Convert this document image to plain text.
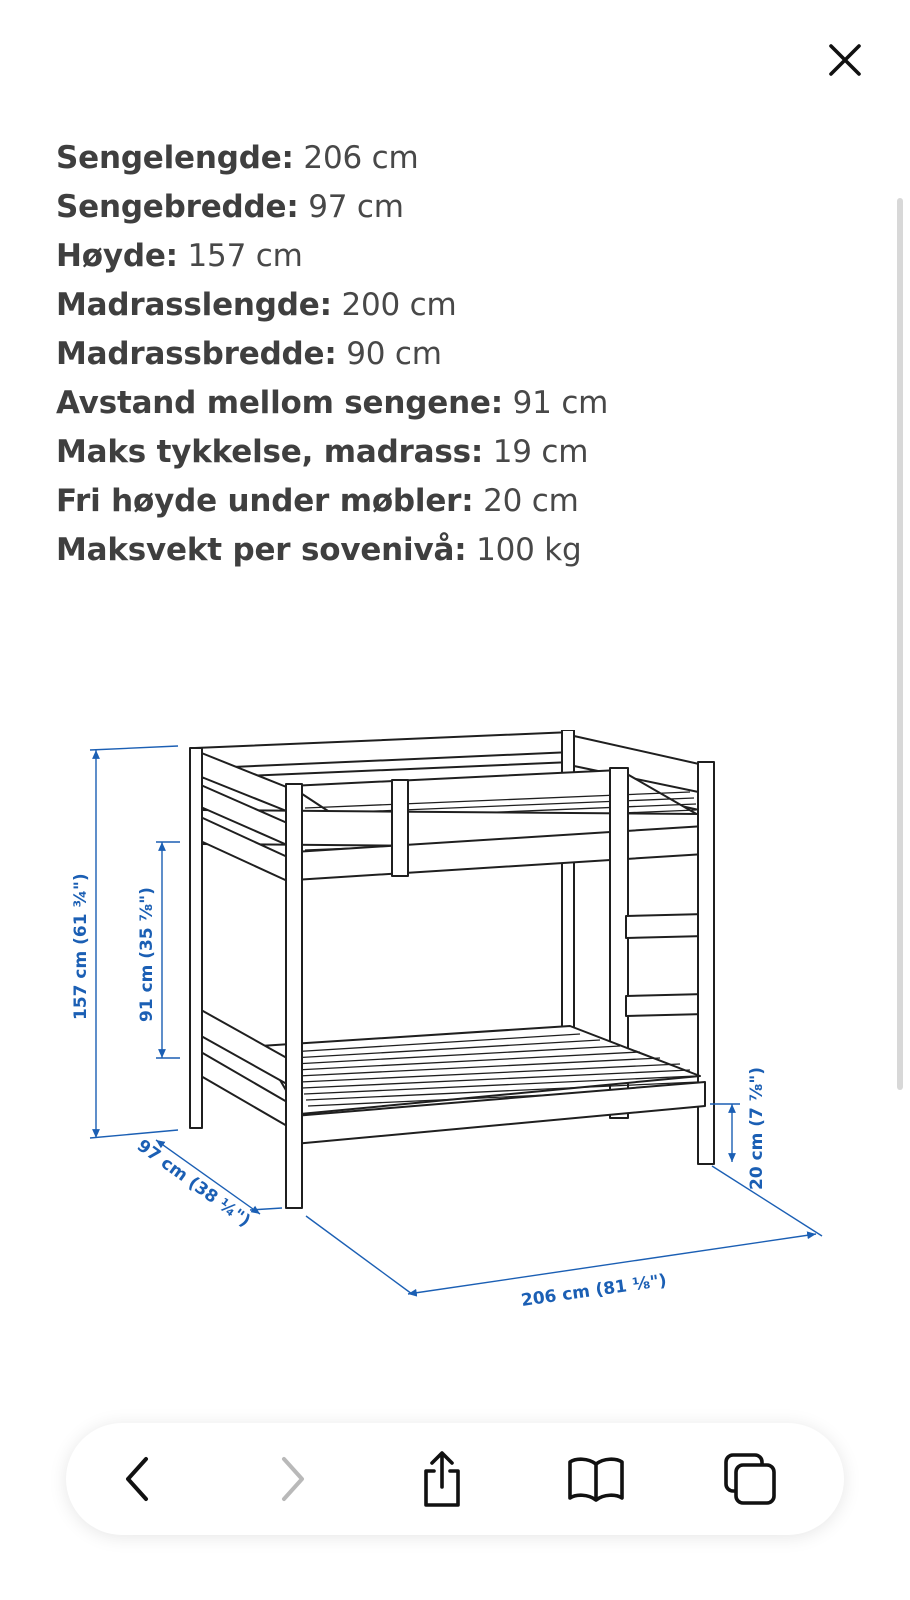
Sengelengde: 206 cm
Sengebredde: 97 cm
Høyde: 157 cm
Madrasslengde: 200 cm
Madrassbredde: 90 cm
Avstand mellom sengene: 91 cm
Maks tykkelse, madrass: 19 cm
Fri høyde under møbler: 20 cm
Maksvekt per sovenivå: 100 kg
157 cm (61 ¾")	91 cm (35 ⅞")
97 cm (38 ¼")
206 cm (81 ⅛")
20 cm (7 ⅞")
